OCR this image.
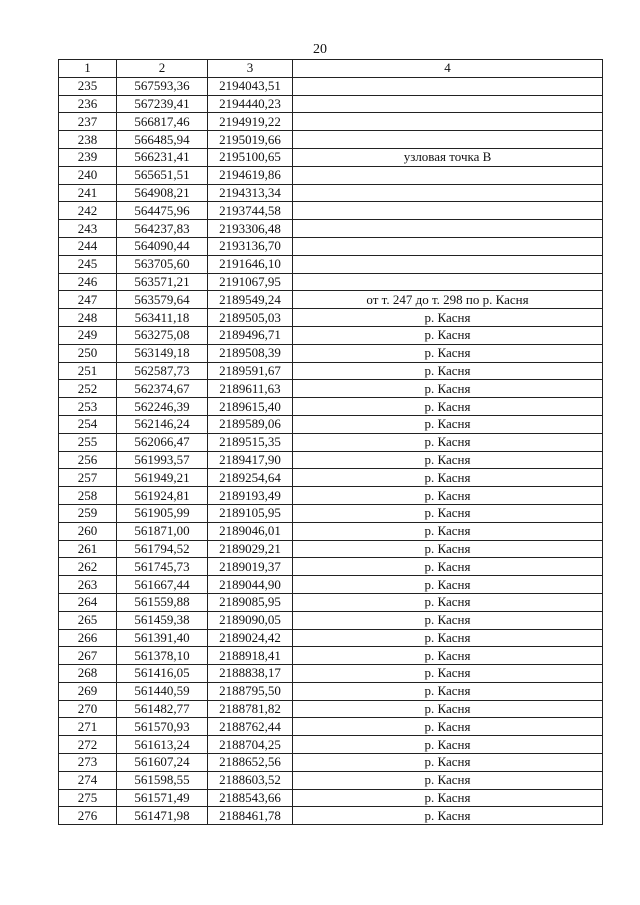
20
1	2	3	4
235	567593,36	2194043,51	
236	567239,41	2194440,23	
237	566817,46	2194919,22	
238	566485,94	2195019,66	
239	566231,41	2195100,65	узловая точка В
240	565651,51	2194619,86	
241	564908,21	2194313,34	
242	564475,96	2193744,58	
243	564237,83	2193306,48	
244	564090,44	2193136,70	
245	563705,60	2191646,10	
246	563571,21	2191067,95	
247	563579,64	2189549,24	от т. 247 до т. 298 по р. Касня
248	563411,18	2189505,03	р. Касня
249	563275,08	2189496,71	р. Касня
250	563149,18	2189508,39	р. Касня
251	562587,73	2189591,67	р. Касня
252	562374,67	2189611,63	р. Касня
253	562246,39	2189615,40	р. Касня
254	562146,24	2189589,06	р. Касня
255	562066,47	2189515,35	р. Касня
256	561993,57	2189417,90	р. Касня
257	561949,21	2189254,64	р. Касня
258	561924,81	2189193,49	р. Касня
259	561905,99	2189105,95	р. Касня
260	561871,00	2189046,01	р. Касня
261	561794,52	2189029,21	р. Касня
262	561745,73	2189019,37	р. Касня
263	561667,44	2189044,90	р. Касня
264	561559,88	2189085,95	р. Касня
265	561459,38	2189090,05	р. Касня
266	561391,40	2189024,42	р. Касня
267	561378,10	2188918,41	р. Касня
268	561416,05	2188838,17	р. Касня
269	561440,59	2188795,50	р. Касня
270	561482,77	2188781,82	р. Касня
271	561570,93	2188762,44	р. Касня
272	561613,24	2188704,25	р. Касня
273	561607,24	2188652,56	р. Касня
274	561598,55	2188603,52	р. Касня
275	561571,49	2188543,66	р. Касня
276	561471,98	2188461,78	р. Касня
